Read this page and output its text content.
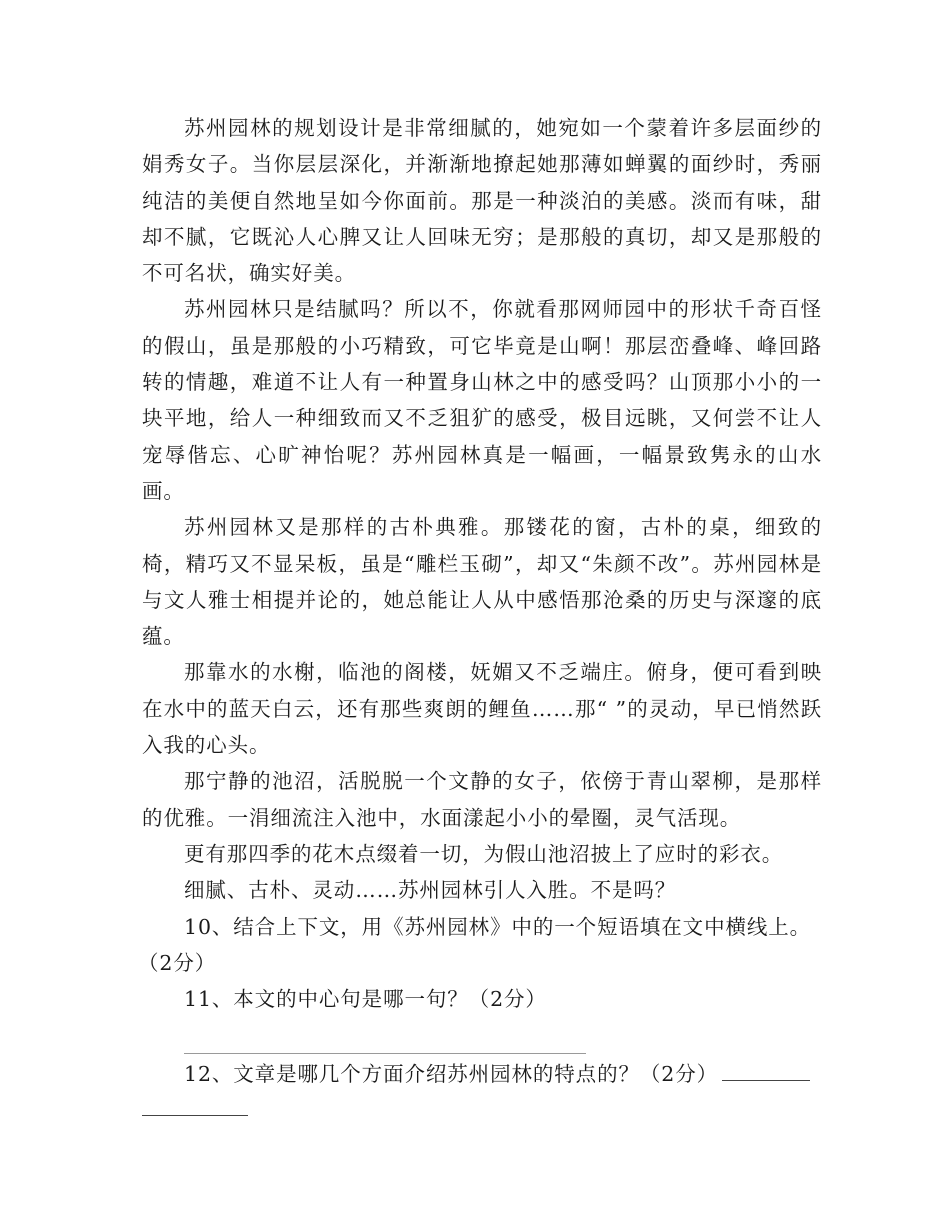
苏州园林的规划设计是非常细腻的，她宛如一个蒙着许多层面纱的娟秀女子。当你层层深化，并渐渐地撩起她那薄如蝉翼的面纱时，秀丽纯洁的美便自然地呈如今你面前。那是一种淡泊的美感。淡而有味，甜却不腻，它既沁人心脾又让人回味无穷；是那般的真切，却又是那般的不可名状，确实好美。

苏州园林只是结腻吗？所以不，你就看那网师园中的形状千奇百怪的假山，虽是那般的小巧精致，可它毕竟是山啊！那层峦叠峰、峰回路转的情趣，难道不让人有一种置身山林之中的感受吗？山顶那小小的一块平地，给人一种细致而又不乏狙犷的感受，极目远眺，又何尝不让人宠辱偕忘、心旷神怡呢？苏州园林真是一幅画，一幅景致隽永的山水画。

苏州园林又是那样的古朴典雅。那镂花的窗，古朴的桌，细致的椅，精巧又不显呆板，虽是“雕栏玉砌”，却又“朱颜不改”。苏州园林是与文人雅士相提并论的，她总能让人从中感悟那沧桑的历史与深邃的底蕴。

那靠水的水榭，临池的阁楼，妩媚又不乏端庄。俯身，便可看到映在水中的蓝天白云，还有那些爽朗的鲤鱼……那“ ”的灵动，早已悄然跃入我的心头。

那宁静的池沼，活脱脱一个文静的女子，依傍于青山翠柳，是那样的优雅。一涓细流注入池中，水面漾起小小的晕圈，灵气活现。

更有那四季的花木点缀着一切，为假山池沼披上了应时的彩衣。

细腻、古朴、灵动……苏州园林引人入胜。不是吗？

10、结合上下文，用《苏州园林》中的一个短语填在文中横线上。

（2分）

11、本文的中心句是哪一句？（2分）

12、文章是哪几个方面介绍苏州园林的特点的？（2分）
